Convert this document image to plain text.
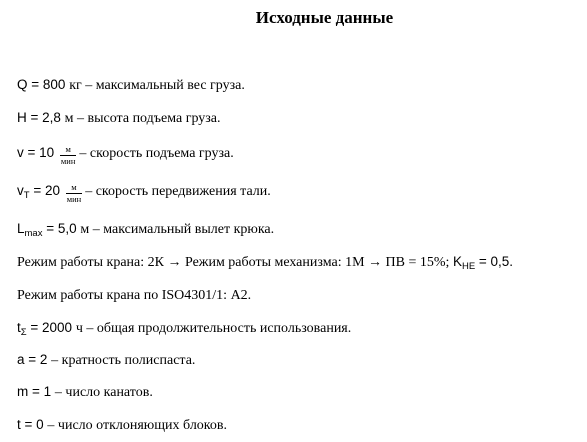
Исходные данные
Q = 800 кг – максимальный вес груза.
H = 2,8 м – высота подъема груза.
$v = 10 \frac{м}{\text{мин}}$ – скорость подъема груза.
$v_T = 20 \frac{м}{\text{мин}}$ – скорость передвижения тали.
$L_{max} = 5,0$ м – максимальный вылет крюка.
Режим работы крана: 2К → Режим работы механизма: 1М → ПВ = 15%; $K_{НЕ} = 0,5$.
Режим работы крана по ISO4301/1: А2.
$t_\Sigma = 2000$ ч – общая продолжительность использования.
a = 2 – кратность полиспаста.
m = 1 – число канатов.
t = 0 – число отклоняющих блоков.
